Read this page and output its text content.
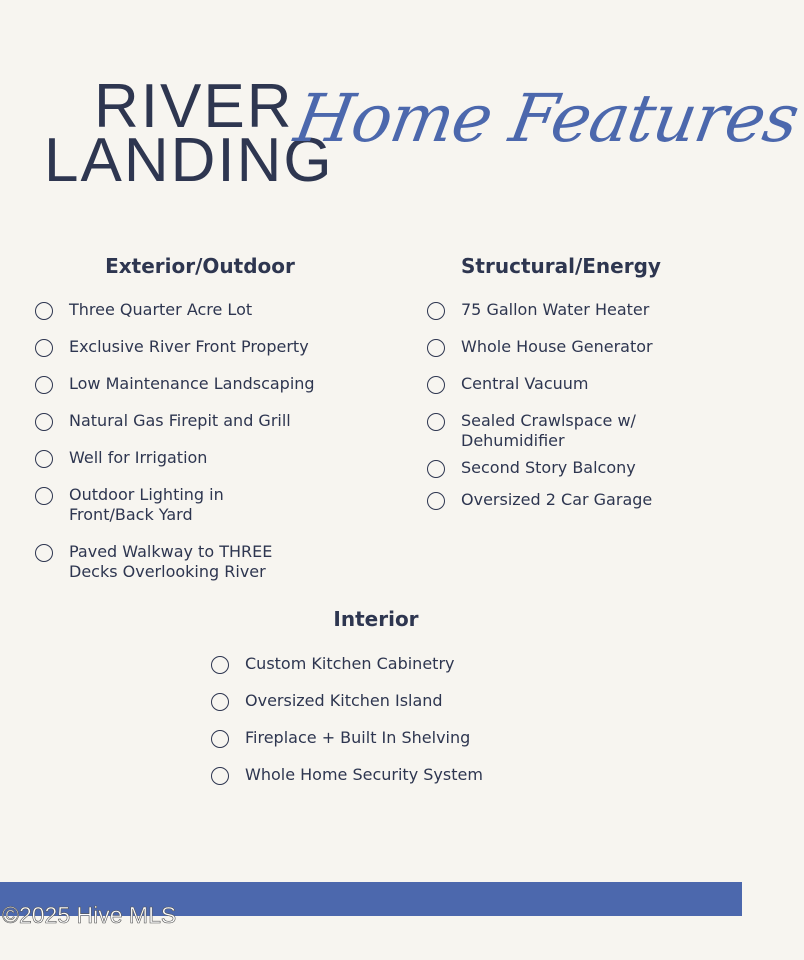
RIVER
LANDING
Home Features
Exterior/Outdoor
Three Quarter Acre Lot
Exclusive River Front Property
Low Maintenance Landscaping
Natural Gas Firepit and Grill
Well for Irrigation
Outdoor Lighting in
Front/Back Yard
Paved Walkway to THREE
Decks Overlooking River
Structural/Energy
75 Gallon Water Heater
Whole House Generator
Central Vacuum
Sealed Crawlspace w/
Dehumidifier
Second Story Balcony
Oversized 2 Car Garage
Interior
Custom Kitchen Cabinetry
Oversized Kitchen Island
Fireplace + Built In Shelving
Whole Home Security System
©2025 Hive MLS
